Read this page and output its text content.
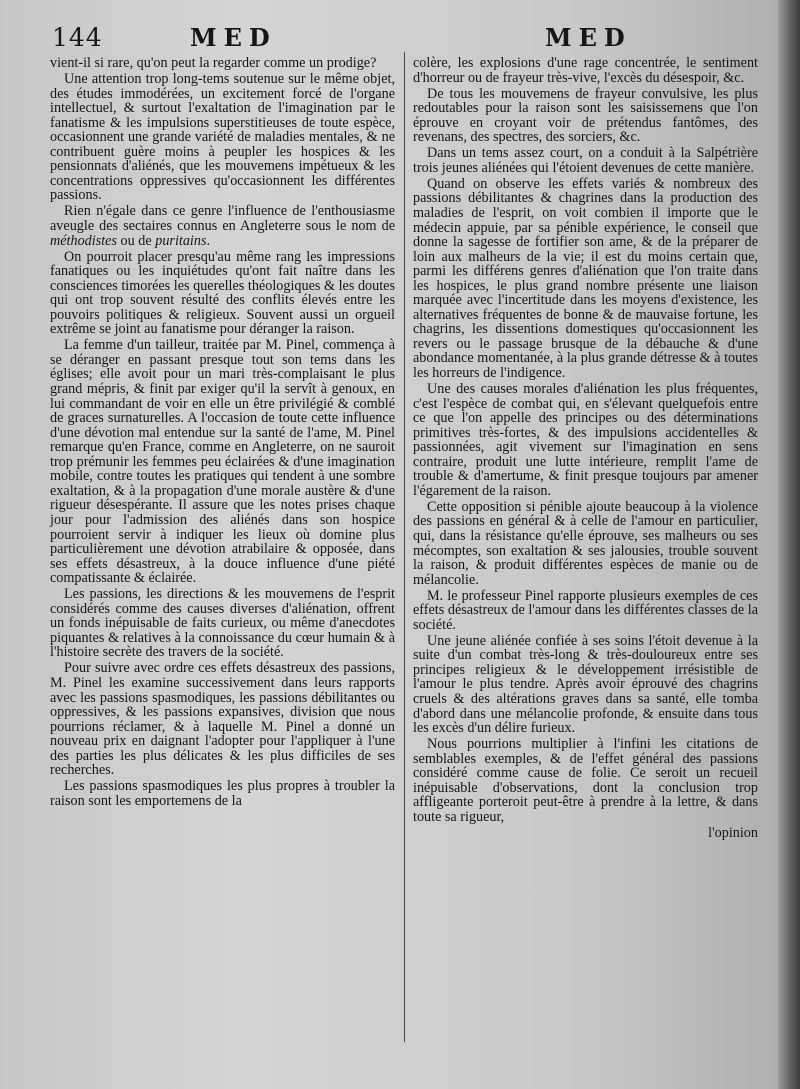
144	MED	MED

vient-il si rare, qu'on peut la regarder comme un prodige?

Une attention trop long-tems soutenue sur le même objet, des études immodérées, un excitement forcé de l'organe intellectuel, & surtout l'exaltation de l'imagination par le fanatisme & les impulsions superstitieuses de toute espèce, occasionnent une grande variété de maladies mentales, & ne contribuent guère moins à peupler les hospices & les pensionnats d'aliénés, que les mouvemens impétueux & les concentrations oppressives qu'occasionnent les différentes passions.

Rien n'égale dans ce genre l'influence de l'enthousiasme aveugle des sectaires connus en Angleterre sous le nom de méthodistes ou de puritains.

On pourroit placer presqu'au même rang les impressions fanatiques ou les inquiétudes qu'ont fait naître dans les consciences timorées les querelles théologiques & les doutes qui ont trop souvent résulté des conflits élevés entre les pouvoirs politiques & religieux. Souvent aussi un orgueil extrême se joint au fanatisme pour déranger la raison.

La femme d'un tailleur, traitée par M. Pinel, commença à se déranger en passant presque tout son tems dans les églises; elle avoit pour un mari très-complaisant le plus grand mépris, & finit par exiger qu'il la servît à genoux, en lui commandant de voir en elle un être privilégié & comblé de graces surnaturelles. A l'occasion de toute cette influence d'une dévotion mal entendue sur la santé de l'ame, M. Pinel remarque qu'en France, comme en Angleterre, on ne sauroit trop prémunir les femmes peu éclairées & d'une imagination mobile, contre toutes les pratiques qui tendent à une sombre exaltation, & à la propagation d'une morale austère & d'une rigueur désespérante. Il assure que les notes prises chaque jour pour l'admission des aliénés dans son hospice pourroient servir à indiquer les lieux où domine plus particulièrement une dévotion atrabilaire & opposée, dans ses effets désastreux, à la douce influence d'une piété compatissante & éclairée.

Les passions, les directions & les mouvemens de l'esprit considérés comme des causes diverses d'aliénation, offrent un fonds inépuisable de faits curieux, ou même d'anecdotes piquantes & relatives à la connoissance du cœur humain & à l'histoire secrète des travers de la société.

Pour suivre avec ordre ces effets désastreux des passions, M. Pinel les examine successivement dans leurs rapports avec les passions spasmodiques, les passions débilitantes ou oppressives, & les passions expansives, division que nous pourrions réclamer, & à laquelle M. Pinel a donné un nouveau prix en daignant l'adopter pour l'appliquer à l'une des parties les plus délicates & les plus difficiles de ses recherches.

Les passions spasmodiques les plus propres à troubler la raison sont les emportemens de la

colère, les explosions d'une rage concentrée, le sentiment d'horreur ou de frayeur très-vive, l'excès du désespoir, &c.

De tous les mouvemens de frayeur convulsive, les plus redoutables pour la raison sont les saisissemens que l'on éprouve en croyant voir de prétendus fantômes, des revenans, des spectres, des sorciers, &c.

Dans un tems assez court, on a conduit à la Salpétrière trois jeunes aliénées qui l'étoient devenues de cette manière.

Quand on observe les effets variés & nombreux des passions débilitantes & chagrines dans la production des maladies de l'esprit, on voit combien il importe que le médecin appuie, par sa pénible expérience, le conseil que donne la sagesse de fortifier son ame, & de la préparer de loin aux malheurs de la vie; il est du moins certain que, parmi les différens genres d'aliénation que l'on traite dans les hospices, le plus grand nombre présente une liaison marquée avec l'incertitude dans les moyens d'existence, les alternatives fréquentes de bonne & de mauvaise fortune, les chagrins, les dissentions domestiques qu'occasionnent les revers ou le passage brusque de la débauche & d'une abondance momentanée, à la plus grande détresse & à toutes les horreurs de l'indigence.

Une des causes morales d'aliénation les plus fréquentes, c'est l'espèce de combat qui, en s'élevant quelquefois entre ce que l'on appelle des principes ou des déterminations primitives très-fortes, & des impulsions accidentelles & passionnées, agit vivement sur l'imagination en sens contraire, produit une lutte intérieure, remplit l'ame de trouble & d'amertume, & finit presque toujours par amener l'égarement de la raison.

Cette opposition si pénible ajoute beaucoup à la violence des passions en général & à celle de l'amour en particulier, qui, dans la résistance qu'elle éprouve, ses malheurs ou ses mécomptes, son exaltation & ses jalousies, trouble souvent la raison, & produit différentes espèces de manie ou de mélancolie.

M. le professeur Pinel rapporte plusieurs exemples de ces effets désastreux de l'amour dans les différentes classes de la société.

Une jeune aliénée confiée à ses soins l'étoit devenue à la suite d'un combat très-long & très-douloureux entre ses principes religieux & le développement irrésistible de l'amour le plus tendre. Après avoir éprouvé des chagrins cruels & des altérations graves dans sa santé, elle tomba d'abord dans une mélancolie profonde, & ensuite dans tous les excès d'un délire furieux.

Nous pourrions multiplier à l'infini les citations de semblables exemples, & de l'effet général des passions considéré comme cause de folie. Ce seroit un recueil inépuisable d'observations, dont la conclusion trop affligeante porteroit peut-être à prendre à la lettre, & dans toute sa rigueur,

l'opinion
